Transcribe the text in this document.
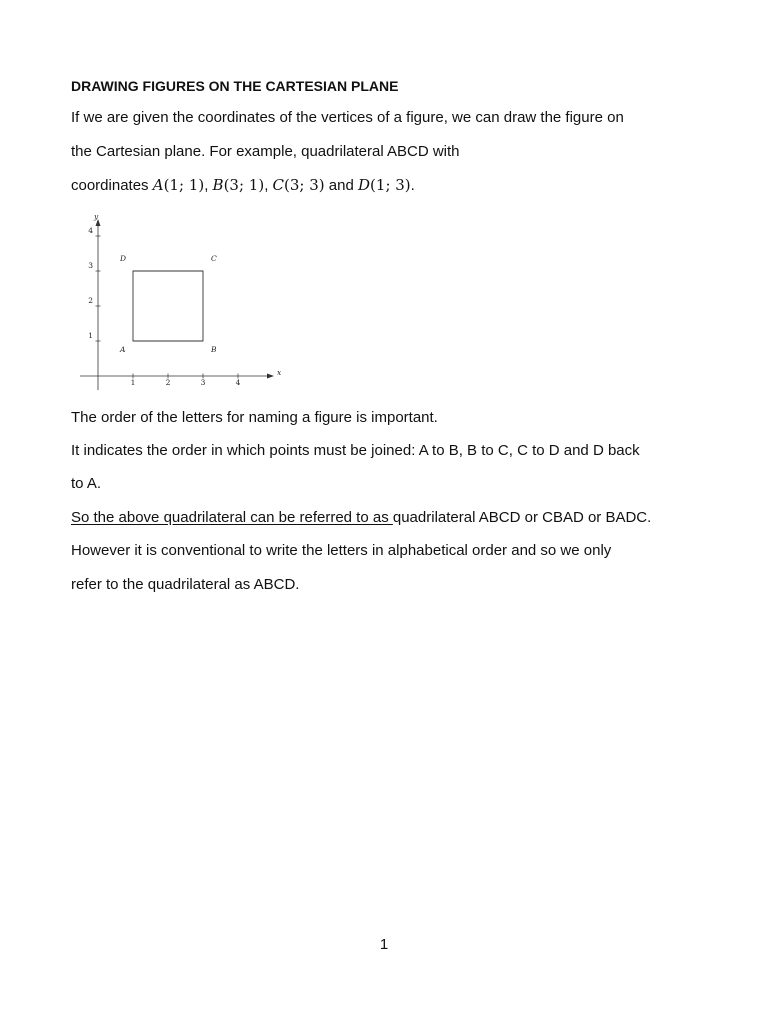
DRAWING FIGURES ON THE CARTESIAN PLANE
If we are given the coordinates of the vertices of a figure, we can draw the figure on
the Cartesian plane. For example, quadrilateral ABCD with
coordinates A(1; 1), B(3; 1), C(3; 3) and D(1; 3).
x
y
1	2	3	4
1
2
3
4
A	B
C
D
The order of the letters for naming a figure is important.
It indicates the order in which points must be joined: A to B, B to C, C to D and D back
to A.
So the above quadrilateral can be referred to as quadrilateral ABCD or CBAD or BADC.
However it is conventional to write the letters in alphabetical order and so we only
refer to the quadrilateral as ABCD.
1
